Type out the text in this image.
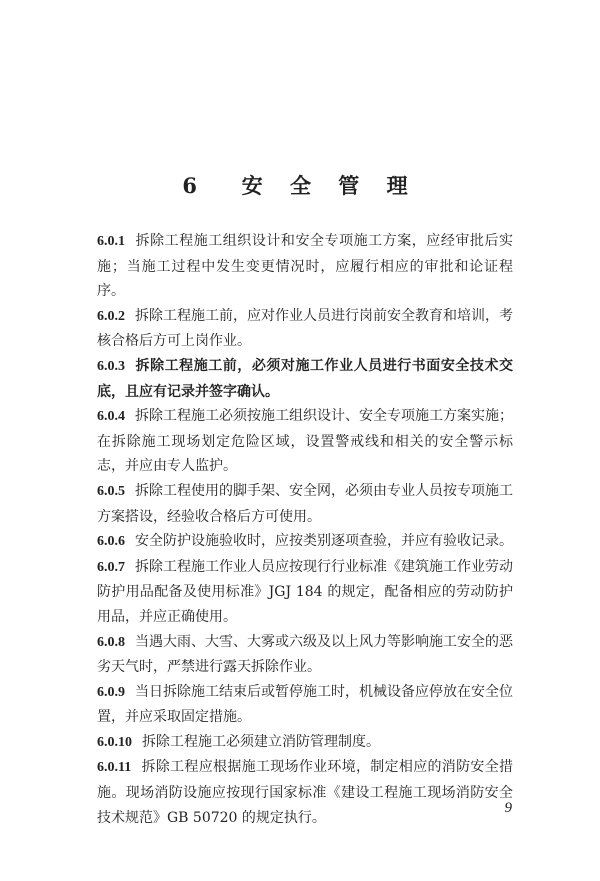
6 安 全 管 理

6.0.1 拆除工程施工组织设计和安全专项施工方案，应经审批后实施；当施工过程中发生变更情况时，应履行相应的审批和论证程序。

6.0.2 拆除工程施工前，应对作业人员进行岗前安全教育和培训，考核合格后方可上岗作业。

6.0.3 拆除工程施工前，必须对施工作业人员进行书面安全技术交底，且应有记录并签字确认。

6.0.4 拆除工程施工必须按施工组织设计、安全专项施工方案实施；在拆除施工现场划定危险区域，设置警戒线和相关的安全警示标志，并应由专人监护。

6.0.5 拆除工程使用的脚手架、安全网，必须由专业人员按专项施工方案搭设，经验收合格后方可使用。

6.0.6 安全防护设施验收时，应按类别逐项查验，并应有验收记录。

6.0.7 拆除工程施工作业人员应按现行行业标准《建筑施工作业劳动防护用品配备及使用标准》JGJ 184 的规定，配备相应的劳动防护用品，并应正确使用。

6.0.8 当遇大雨、大雪、大雾或六级及以上风力等影响施工安全的恶劣天气时，严禁进行露天拆除作业。

6.0.9 当日拆除施工结束后或暂停施工时，机械设备应停放在安全位置，并应采取固定措施。

6.0.10 拆除工程施工必须建立消防管理制度。

6.0.11 拆除工程应根据施工现场作业环境，制定相应的消防安全措施。现场消防设施应按现行国家标准《建设工程施工现场消防安全技术规范》GB 50720 的规定执行。

9
